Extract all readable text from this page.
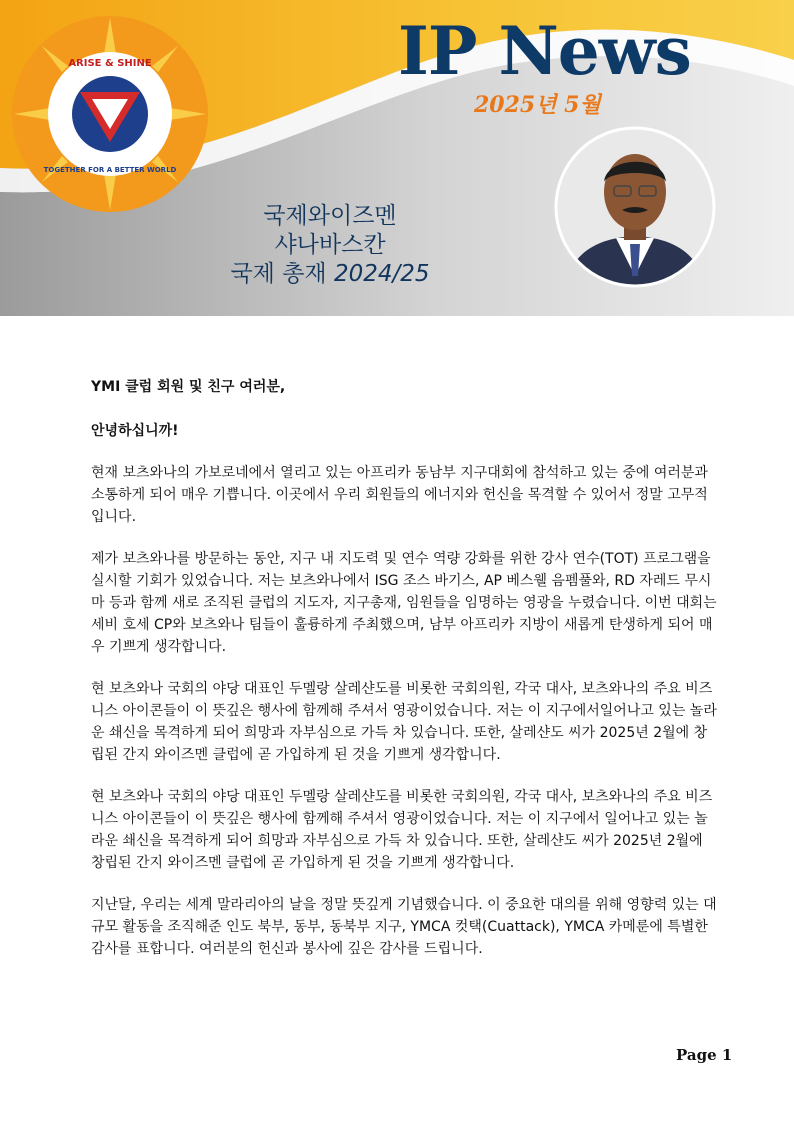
ARISE & SHINE
TOGETHER FOR A BETTER WORLD
IP News
2025년 5월
국제와이즈멘
샤나바스칸
국제 총재 2024/25

YMI 클럽 회원 및 친구 여러분,

안녕하십니까!

현재 보츠와나의 가보로네에서 열리고 있는 아프리카 동남부 지구대회에 참석하고 있는 중에 여러분과 소통하게 되어 매우 기쁩니다. 이곳에서 우리 회원들의 에너지와 헌신을 목격할 수 있어서 정말 고무적입니다.

제가 보츠와나를 방문하는 동안, 지구 내 지도력 및 연수 역량 강화를 위한 강사 연수(TOT) 프로그램을 실시할 기회가 있었습니다. 저는 보츠와나에서 ISG 조스 바기스, AP 베스웰 음펨풀와, RD 자레드 무시마 등과 함께 새로 조직된 클럽의 지도자, 지구총재, 임원들을 임명하는 영광을 누렸습니다. 이번 대회는 세비 호세 CP와 보츠와나 팀들이 훌륭하게 주최했으며, 남부 아프리카 지방이 새롭게 탄생하게 되어 매우 기쁘게 생각합니다.

현 보츠와나 국회의 야당 대표인 두멜랑 살레샨도를 비롯한 국회의원, 각국 대사, 보츠와나의 주요 비즈니스 아이콘들이 이 뜻깊은 행사에 함께해 주셔서 영광이었습니다. 저는 이 지구에서일어나고 있는 놀라운 쇄신을 목격하게 되어 희망과 자부심으로 가득 차 있습니다. 또한, 살레샨도 씨가 2025년 2월에 창립된 간지 와이즈멘 클럽에 곧 가입하게 된 것을 기쁘게 생각합니다.

현 보츠와나 국회의 야당 대표인 두멜랑 살레샨도를 비롯한 국회의원, 각국 대사, 보츠와나의 주요 비즈니스 아이콘들이 이 뜻깊은 행사에 함께해 주셔서 영광이었습니다. 저는 이 지구에서 일어나고 있는 놀라운 쇄신을 목격하게 되어 희망과 자부심으로 가득 차 있습니다. 또한, 살레샨도 씨가 2025년 2월에 창립된 간지 와이즈멘 클럽에 곧 가입하게 된 것을 기쁘게 생각합니다.

지난달, 우리는 세계 말라리아의 날을 정말 뜻깊게 기념했습니다. 이 중요한 대의를 위해 영향력 있는 대규모 활동을 조직해준 인도 북부, 동부, 동북부 지구, YMCA 컷택(Cuattack), YMCA 카메룬에 특별한 감사를 표합니다. 여러분의 헌신과 봉사에 깊은 감사를 드립니다.

Page 1
